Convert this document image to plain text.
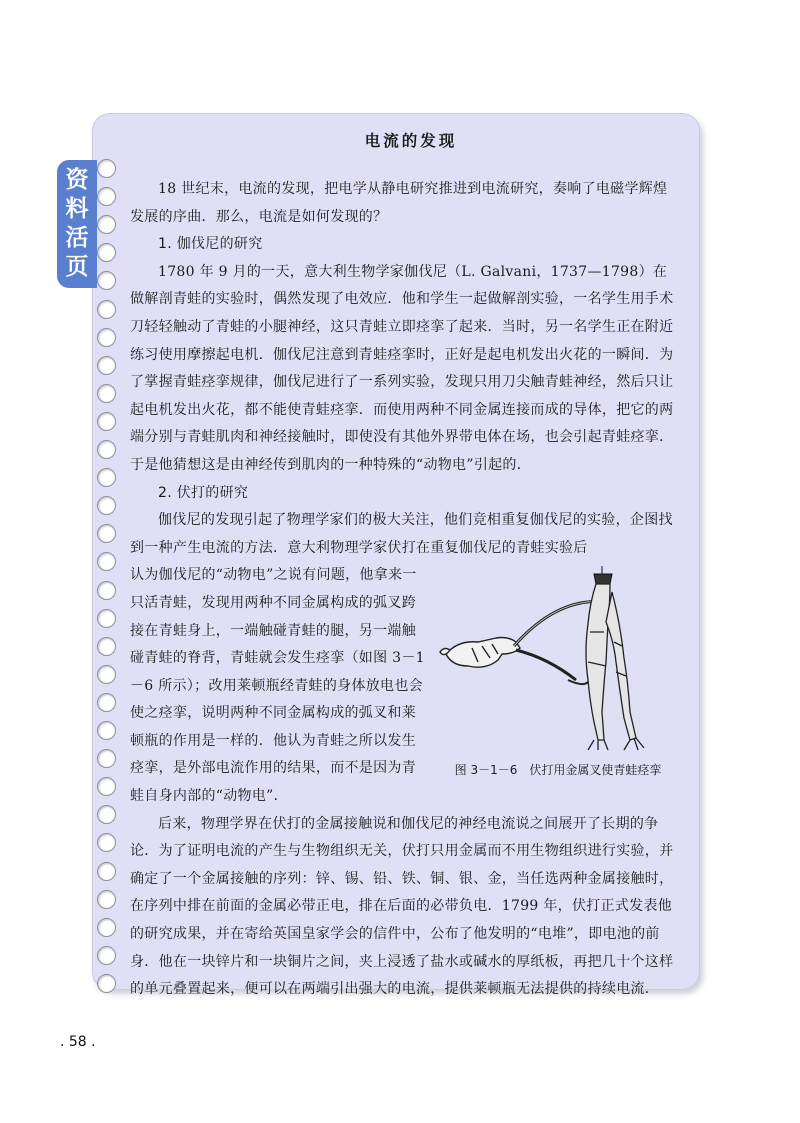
资
料
活
页
电流的发现

18 世纪末，电流的发现，把电学从静电研究推进到电流研究，奏响了电磁学辉煌发展的序曲．那么，电流是如何发现的？

1. 伽伐尼的研究

1780 年 9 月的一天，意大利生物学家伽伐尼（L. Galvani，1737—1798）在做解剖青蛙的实验时，偶然发现了电效应．他和学生一起做解剖实验，一名学生用手术刀轻轻触动了青蛙的小腿神经，这只青蛙立即痉挛了起来．当时，另一名学生正在附近练习使用摩擦起电机．伽伐尼注意到青蛙痉挛时，正好是起电机发出火花的一瞬间．为了掌握青蛙痉挛规律，伽伐尼进行了一系列实验，发现只用刀尖触青蛙神经，然后只让起电机发出火花，都不能使青蛙痉挛．而使用两种不同金属连接而成的导体，把它的两端分别与青蛙肌肉和神经接触时，即使没有其他外界带电体在场，也会引起青蛙痉挛．于是他猜想这是由神经传到肌肉的一种特殊的“动物电”引起的．

2. 伏打的研究

伽伐尼的发现引起了物理学家们的极大关注，他们竞相重复伽伐尼的实验，企图找到一种产生电流的方法．意大利物理学家伏打在重复伽伐尼的青蛙实验后

图 3－1－6　伏打用金属叉使青蛙痉挛

认为伽伐尼的“动物电”之说有问题，他拿来一只活青蛙，发现用两种不同金属构成的弧叉跨接在青蛙身上，一端触碰青蛙的腿，另一端触碰青蛙的脊背，青蛙就会发生痉挛（如图 3－1－6 所示）；改用莱顿瓶经青蛙的身体放电也会使之痉挛，说明两种不同金属构成的弧叉和莱顿瓶的作用是一样的．他认为青蛙之所以发生痉挛，是外部电流作用的结果，而不是因为青蛙自身内部的“动物电”．

后来，物理学界在伏打的金属接触说和伽伐尼的神经电流说之间展开了长期的争论．为了证明电流的产生与生物组织无关，伏打只用金属而不用生物组织进行实验，并确定了一个金属接触的序列：锌、锡、铅、铁、铜、银、金，当任选两种金属接触时，在序列中排在前面的金属必带正电，排在后面的必带负电．1799 年，伏打正式发表他的研究成果，并在寄给英国皇家学会的信件中，公布了他发明的“电堆”，即电池的前身．他在一块锌片和一块铜片之间，夹上浸透了盐水或碱水的厚纸板，再把几十个这样的单元叠置起来，便可以在两端引出强大的电流，提供莱顿瓶无法提供的持续电流．

. 58 .
